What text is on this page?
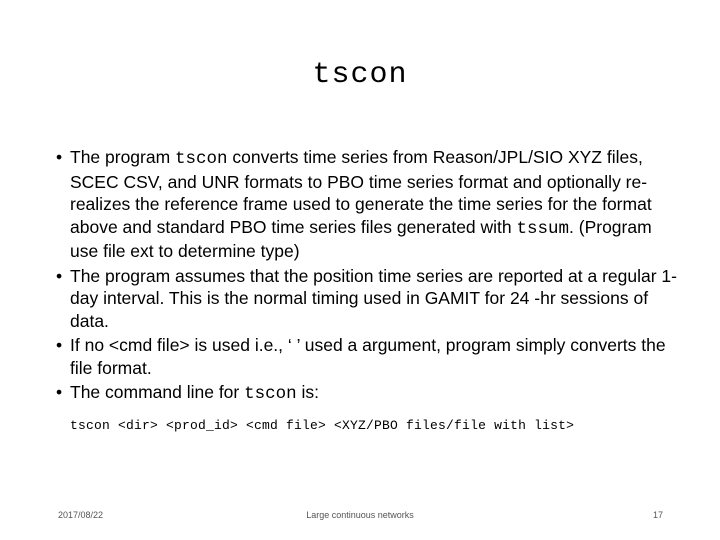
tscon
• The program tscon converts time series from Reason/JPL/SIO XYZ files, SCEC CSV, and UNR formats to PBO time series format and optionally re-realizes the reference frame used to generate the time series for the format above and standard PBO time series files generated with tssum. (Program use file ext to determine type)
• The program assumes that the position time series are reported at a regular 1-day interval. This is the normal timing used in GAMIT for 24 -hr sessions of data.
• If no <cmd file> is used i.e., ‘ ’ used a argument, program simply converts the file format.
• The command line for tscon is:
tscon <dir> <prod_id> <cmd file> <XYZ/PBO files/file with list>
2017/08/22	Large continuous networks	17
